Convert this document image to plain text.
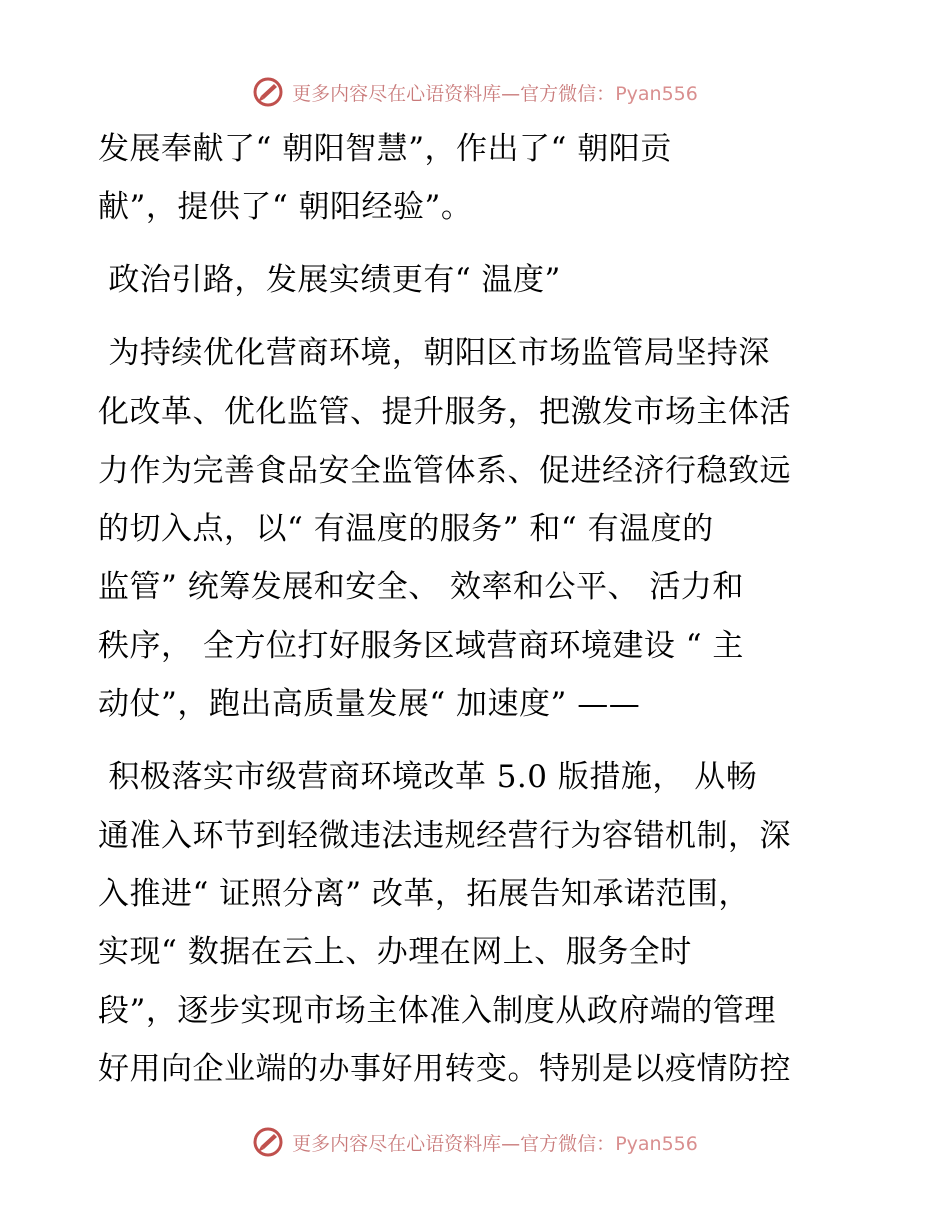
更多内容尽在心语资料库—官方微信：Pyan556
发展奉献了“ 朝阳智慧”，作出了“ 朝阳贡
献”，提供了“ 朝阳经验”。
政治引路，发展实绩更有“ 温度”
为持续优化营商环境，朝阳区市场监管局坚持深
化改革、优化监管、提升服务，把激发市场主体活
力作为完善食品安全监管体系、促进经济行稳致远
的切入点，以“ 有温度的服务” 和“ 有温度的
监管” 统筹发展和安全、 效率和公平、 活力和
秩序， 全方位打好服务区域营商环境建设 “ 主
动仗”，跑出高质量发展“ 加速度” ——
积极落实市级营商环境改革 5.0 版措施， 从畅
通准入环节到轻微违法违规经营行为容错机制，深
入推进“ 证照分离” 改革，拓展告知承诺范围，
实现“ 数据在云上、办理在网上、服务全时
段”，逐步实现市场主体准入制度从政府端的管理
好用向企业端的办事好用转变。特别是以疫情防控
更多内容尽在心语资料库—官方微信：Pyan556
